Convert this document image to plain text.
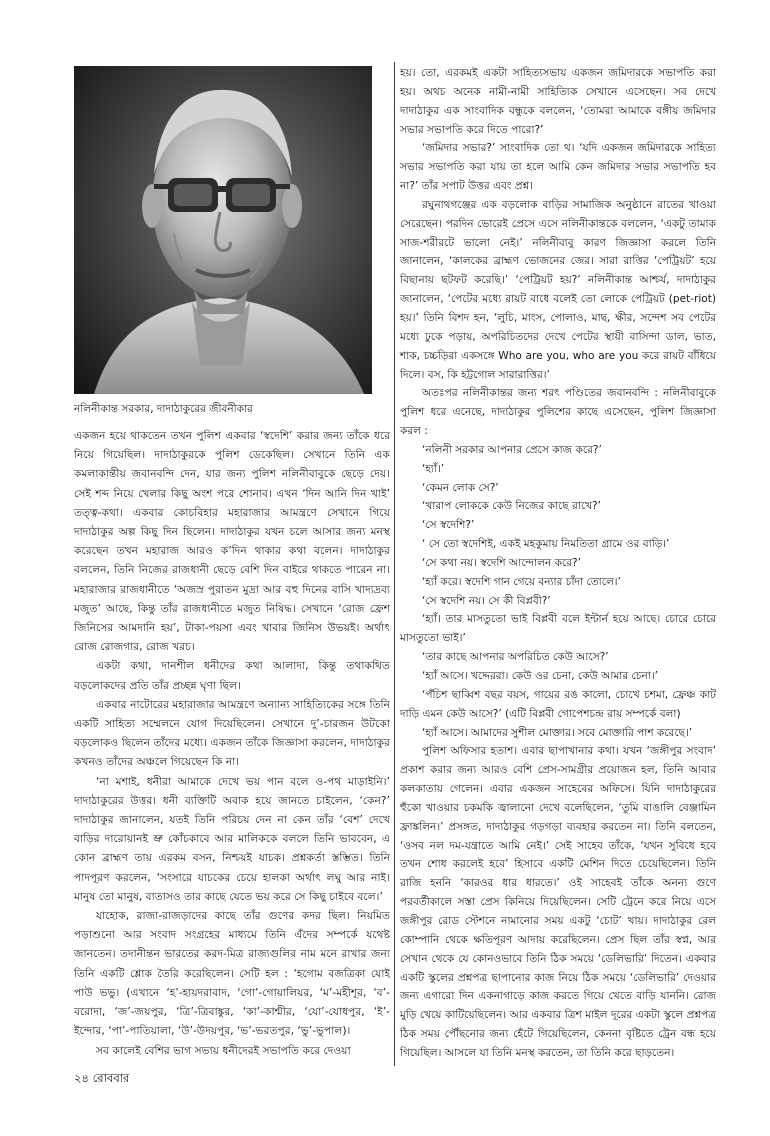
নলিনীকান্ত সরকার, দাদাঠাকুরের জীবনীকার

একজন হয়ে থাকতেন তখন পুলিশ একবার ‘স্বদেশি’ করার জন্য তাঁকে ধরে নিয়ে গিয়েছিল। দাদাঠাকুরকে পুলিশ ডেকেছিল। সেখানে তিনি এক কমলাকান্তীয় জবানবন্দি দেন, যার জন্য পুলিশ নলিনীবাবুকে ছেড়ে দেয়। সেই শব্দ নিয়ে খেলার কিছু অংশ পরে শোনাব। এখন ‘দিন আনি দিন খাই’ তত্ত্ব-কথা। একবার কোচবিহার মহারাজার আমন্ত্রণে সেখানে গিয়ে দাদাঠাকুর অল্প কিছু দিন ছিলেন। দাদাঠাকুর যখন চলে আসার জন্য মনস্থ করেছেন তখন মহারাজ আরও ক’দিন থাকার কথা বলেন। দাদাঠাকুর বললেন, তিনি নিজের রাজধানী ছেড়ে বেশি দিন বাইরে থাকতে পারেন না। মহারাজার রাজধানীতে ‘অজস্র পুরাতন মুদ্রা আর বহু দিনের বাসি খাদ্যদ্রব্য মজুত’ আছে, কিন্তু তাঁর রাজধানীতে মজুত নিষিদ্ধ। সেখানে ‘রোজ ফ্রেশ জিনিসের আমদানি হয়’, টাকা-পয়সা এবং খাবার জিনিস উভয়ই। অর্থাৎ রোজ রোজগার, রোজ খরচ।

একটা কথা, দানশীল ধনীদের কথা আলাদা, কিন্তু তথাকথিত বড়লোকদের প্রতি তাঁর প্রচ্ছন্ন ঘৃণা ছিল।

একবার নাটোরের মহারাজার আমন্ত্রণে অন্যান্য সাহিত্যিকের সঙ্গে তিনি একটি সাহিত্য সম্মেলনে যোগ দিয়েছিলেন। সেখানে দু’-চারজন উটকো বড়লোকও ছিলেন তাঁদের মধ্যে। একজন তাঁকে জিজ্ঞাসা করলেন, দাদাঠাকুর কখনও তাঁদের অঞ্চলে গিয়েছেন কি না।

‘না মশাই, ধনীরা আমাকে দেখে ভয় পান বলে ও-পথ মাড়াইনি।’ দাদাঠাকুরের উত্তর। ধনী ব্যক্তিটি অবাক হয়ে জানতে চাইলেন, ‘কেন?’ দাদাঠাকুর জানালেন, যতই তিনি পরিচয় দেন না কেন তাঁর ‘বেশ’ দেখে বাড়ির দারোয়ানই ভ্রু কোঁচকাবে আর মালিককে বললে তিনি ভাববেন, এ কোন ব্রাহ্মণ তায় এরকম বসন, নিশ্চয়ই যাচক। প্রশ্নকর্তা স্তম্ভিত। তিনি পাদপূরণ করলেন, ‘সংসারে যাচকের চেয়ে হালকা অর্থাৎ লঘু আর নাই। মানুষ তো মানুষ, বাতাসও তার কাছে যেতে ভয় করে সে কিছু চাইবে বলে।’

যাহোক, রাজা-রাজড়াদের কাছে তাঁর গুণের কদর ছিল। নিয়মিত পড়াশুনো আর সংবাদ সংগ্রহের মাধ্যমে তিনি এঁদের সম্পর্কে যথেষ্ট জানতেন। তদানীন্তন ভারতের করদ-মিত্র রাজ্যগুলির নাম মনে রাখার জন্য তিনি একটি শ্লোক তৈরি করেছিলেন। সেটি হল : ‘হগোম বজত্রিকা যোই পাউ ভভু। (এখানে ‘হ’-হায়দরাবাদ, ‘গো’-গোয়ালিয়র, ‘ম’-মহীশূর, ‘ব’-বরোদা, ‘জ’-জয়পুর, ‘ত্রি’-ত্রিবাঙ্কুর, ‘কা’-কাশ্মীর, ‘যো’-যোধপুর, ‘ই’-ইন্দোর, ‘পা’-পাতিয়ালা, ‘উ’-উদয়পুর, ‘ভ’-ভরতপুর, ‘ভু’-ভুপাল)।

সব কালেই বেশির ভাগ সভায় ধনীদেরই সভাপতি করে দেওয়া

হয়। তো, এরকমই একটা সাহিত্যসভায় একজন জমিদারকে সভাপতি করা হয়। অথচ অনেক নামী-নামী সাহিত্যিক সেখানে এসেছেন। সব দেখে দাদাঠাকুর এক সাংবাদিক বন্ধুকে বললেন, ‘তোমরা আমাকে বঙ্গীয় জমিদার সভার সভাপতি করে দিতে পারো?’

‘জমিদার সভার?’ সাংবাদিক তো থ। ‘যদি একজন জমিদারকে সাহিত্য সভার সভাপতি করা যায় তা হলে আমি কেন জমিদার সভার সভাপতি হব না?’ তাঁর সপাট উত্তর এবং প্রশ্ন।

রঘুনাথগঞ্জের এক বড়লোক বাড়ির সামাজিক অনুষ্ঠানে রাতের খাওয়া সেরেছেন। পরদিন ভোরেই প্রেসে এসে নলিনীকান্তকে বললেন, ‘একটু তামাক সাজ-শরীরটে ভালো নেই।’ নলিনীবাবু কারণ জিজ্ঞাসা করলে তিনি জানালেন, ‘কালকের ব্রাহ্মণ ভোজনের জের। সারা রাত্তির ‘পেট্রিয়ট’ হয়ে বিছানায় ছটফট করেছি।’ ‘পেট্রিয়ট হয়?’ নলিনীকান্ত আশ্চর্য, দাদাঠাকুর জানালেন, ‘পেটের মধ্যে রায়ট বাধে বলেই তো লোকে পেট্রিয়ট (pet-riot) হয়।’ তিনি বিশদ হন, ‘লুচি, মাংস, পোলাও, মাছ, ক্ষীর, সন্দেশ সব পেটের মধ্যে ঢুকে পড়ায়, অপরিচিতদের দেখে পেটের স্থায়ী বাসিন্দা ডাল, ভাত, শাক, চচ্চড়িরা একসঙ্গে Who are you, who are you করে রায়ট বাঁধিয়ে দিলে। বস, কি হট্টগোল সারারাত্তির।’

অতঃপর নলিনীকান্তর জন্য শরৎ পণ্ডিতের জবানবন্দি : নলিনীবাবুকে পুলিশ ধরে এনেছে, দাদাঠাকুর পুলিশের কাছে এসেছেন, পুলিশ জিজ্ঞাসা করল :

‘নলিনী সরকার আপনার প্রেসে কাজ করে?’

‘হ্যাঁ।’

‘কেমন লোক সে?’

‘খারাপ লোককে কেউ নিজের কাছে রাখে?’

‘সে স্বদেশি?’

‘ সে তো স্বদেশিই, একই মহকুমায় নিমতিতা গ্রামে ওর বাড়ি।’

‘সে কথা নয়। স্বদেশি আন্দোলন করে?’

‘হ্যাঁ করে। স্বদেশি গান গেয়ে বন্যার চাঁদা তোলে।’

‘সে স্বদেশি নয়। সে কী বিপ্লবী?’

‘হ্যাঁ। তার মাসতুতো ভাই বিপ্লবী বলে ইন্টার্ন হয়ে আছে। চোরে চোরে মাসতুতো ভাই।’

‘তার কাছে আপনার অপরিচিত কেউ আসে?’

‘হ্যাঁ আসে। খদ্দেররা। কেউ ওর চেনা, কেউ আমার চেনা।’

‘পঁচিশ ছাব্বিশ বছর বয়স, গায়ের রঙ কালো, চোখে চশমা, ফ্রেঞ্চ কাট দাড়ি এমন কেউ আসে?’ (এটি বিপ্লবী গোপেশচন্দ্র রায় সম্পর্কে বলা)

‘হ্যাঁ আসে। আমাদের সুশীল মোক্তার। সবে মোক্তারি পাশ করেছে।’

পুলিশ অফিসার হতাশ। এবার ছাপাখানার কথা। যখন ‘জঙ্গীপুর সংবাদ’ প্রকাশ করার জন্য আরও বেশি প্রেস-সামগ্রীর প্রয়োজন হল, তিনি আবার কলকাতায় গেলেন। এবার একজন সাহেবের অফিসে। যিনি দাদাঠাকুরের হুঁকো খাওয়ার চকমকি জ্বালানো দেখে বলেছিলেন, ‘তুমি বাঙালি বেঞ্জামিন ফ্রাঙ্কলিন।’ প্রসঙ্গত, দাদাঠাকুর গড়গড়া ব্যবহার করতেন না। তিনি বলতেন, ‘ওসব নল দম-যন্ত্রাতে আমি নেই।’ সেই সাহেব তাঁকে, ‘যখন সুবিধে হবে তখন শোধ করলেই হবে’ হিসাবে একটি মেশিন দিতে চেয়েছিলেন। তিনি রাজি হননি ‘কারওর ধার ধারতে।’ ওই সাহেবই তাঁকে অনন্য গুণে পরবর্তীকালে সস্তা প্রেস কিনিয়ে দিয়েছিলেন। সেটি ট্রেনে করে নিয়ে এসে জঙ্গীপুর রোড স্টেশনে নামানোর সময় একটু ‘চোট’ খায়। দাদাঠাকুর রেল কোম্পানি থেকে ক্ষতিপূরণ আদায় করেছিলেন। প্রেস ছিল তাঁর স্বপ্ন, আর সেখান থেকে যে কোনওভাবে তিনি ঠিক সময়ে ‘ডেলিভারি’ দিতেন। একবার একটি স্কুলের প্রশ্নপত্র ছাপানোর কাজ নিয়ে ঠিক সময়ে ‘ডেলিভারি’ দেওয়ার জন্য এগারো দিন একনাগাড়ে কাজ করতে গিয়ে খেতে বাড়ি যাননি। রোজ মুড়ি খেয়ে কাটিয়েছিলেন। আর একবার ত্রিশ মাইল দূরের একটা স্কুলে প্রশ্নপত্র ঠিক সময় পৌঁছনোর জন্য হেঁটে গিয়েছিলেন, কেননা বৃষ্টিতে ট্রেন বন্ধ হয়ে গিয়েছিল। আসলে যা তিনি মনস্থ করতেন, তা তিনি করে ছাড়তেন।

২৪ রোববার
